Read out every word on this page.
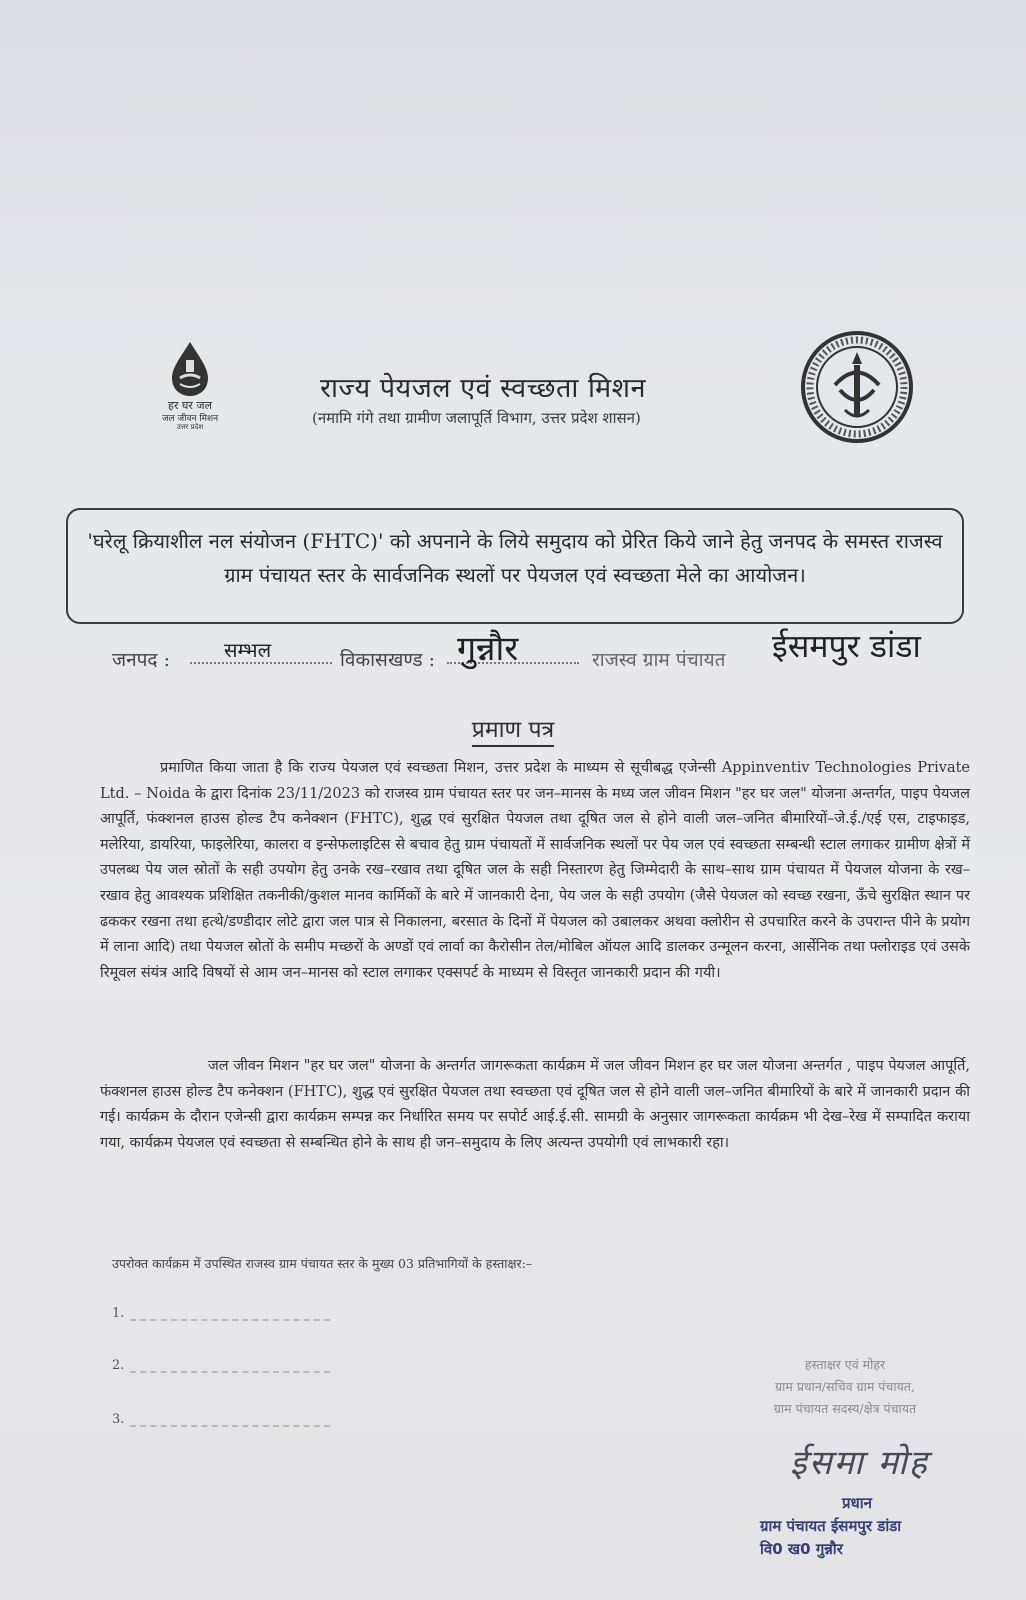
हर घर जल
जल जीवन मिशन
उत्तर प्रदेश
राज्य पेयजल एवं स्वच्छता मिशन
(नमामि गंगे तथा ग्रामीण जलापूर्ति विभाग, उत्तर प्रदेश शासन)
'घरेलू क्रियाशील नल संयोजन (FHTC)' को अपनाने के लिये समुदाय को प्रेरित किये जाने हेतु जनपद के समस्त राजस्व ग्राम पंचायत स्तर के सार्वजनिक स्थलों पर पेयजल एवं स्वच्छता मेले का आयोजन।
जनपद :	सम्भल	विकासखण्ड : गुन्नौर	राजस्व ग्राम पंचायत ईसमपुर डांडा
प्रमाण पत्र
प्रमाणित किया जाता है कि राज्य पेयजल एवं स्वच्छता मिशन, उत्तर प्रदेश के माध्यम से सूचीबद्ध एजेन्सी Appinventiv Technologies Private Ltd. – Noida के द्वारा दिनांक 23/11/2023 को राजस्व ग्राम पंचायत स्तर पर जन–मानस के मध्य जल जीवन मिशन "हर घर जल" योजना अन्तर्गत, पाइप पेयजल आपूर्ति, फंक्शनल हाउस होल्ड टैप कनेक्शन (FHTC), शुद्ध एवं सुरक्षित पेयजल तथा दूषित जल से होने वाली जल–जनित बीमारियों–जे.ई./एई एस, टाइफाइड, मलेरिया, डायरिया, फाइलेरिया, कालरा व इन्सेफलाइटिस से बचाव हेतु ग्राम पंचायतों में सार्वजनिक स्थलों पर पेय जल एवं स्वच्छता सम्बन्धी स्टाल लगाकर ग्रामीण क्षेत्रों में उपलब्ध पेय जल स्रोतों के सही उपयोग हेतु उनके रख–रखाव तथा दूषित जल के सही निस्तारण हेतु जिम्मेदारी के साथ–साथ ग्राम पंचायत में पेयजल योजना के रख–रखाव हेतु आवश्यक प्रशिक्षित तकनीकी/कुशल मानव कार्मिकों के बारे में जानकारी देना, पेय जल के सही उपयोग (जैसे पेयजल को स्वच्छ रखना, ऊँचे सुरक्षित स्थान पर ढककर रखना तथा हत्थे/डण्डीदार लोटे द्वारा जल पात्र से निकालना, बरसात के दिनों में पेयजल को उबालकर अथवा क्लोरीन से उपचारित करने के उपरान्त पीने के प्रयोग में लाना आदि) तथा पेयजल स्रोतों के समीप मच्छरों के अण्डों एवं लार्वा का कैरोसीन तेल/मोबिल ऑयल आदि डालकर उन्मूलन करना, आर्सेनिक तथा फ्लोराइड एवं उसके रिमूवल संयंत्र आदि विषयों से आम जन–मानस को स्टाल लगाकर एक्सपर्ट के माध्यम से विस्तृत जानकारी प्रदान की गयी।
जल जीवन मिशन "हर घर जल" योजना के अन्तर्गत जागरूकता कार्यक्रम में जल जीवन मिशन हर घर जल योजना अन्तर्गत , पाइप पेयजल आपूर्ति, फंक्शनल हाउस होल्ड टैप कनेक्शन (FHTC), शुद्ध एवं सुरक्षित पेयजल तथा स्वच्छता एवं दूषित जल से होने वाली जल–जनित बीमारियों के बारे में जानकारी प्रदान की गई। कार्यक्रम के दौरान एजेन्सी द्वारा कार्यक्रम सम्पन्न कर निर्धारित समय पर सपोर्ट आई.ई.सी. सामग्री के अनुसार जागरूकता कार्यक्रम भी देख–रेख में सम्पादित कराया गया, कार्यक्रम पेयजल एवं स्वच्छता से सम्बन्धित होने के साथ ही जन–समुदाय के लिए अत्यन्त उपयोगी एवं लाभकारी रहा।
उपरोक्त कार्यक्रम में उपस्थित राजस्व ग्राम पंचायत स्तर के मुख्य 03 प्रतिभागियों के हस्ताक्षर:–
1.
2.
3.
हस्ताक्षर एवं मोहर
ग्राम प्रधान/सचिव ग्राम पंचायत,
ग्राम पंचायत सदस्य/क्षेत्र पंचायत
ईसमा मोह
प्रधान
ग्राम पंचायत ईसमपुर डांडा
वि0 ख0 गुन्नौर
